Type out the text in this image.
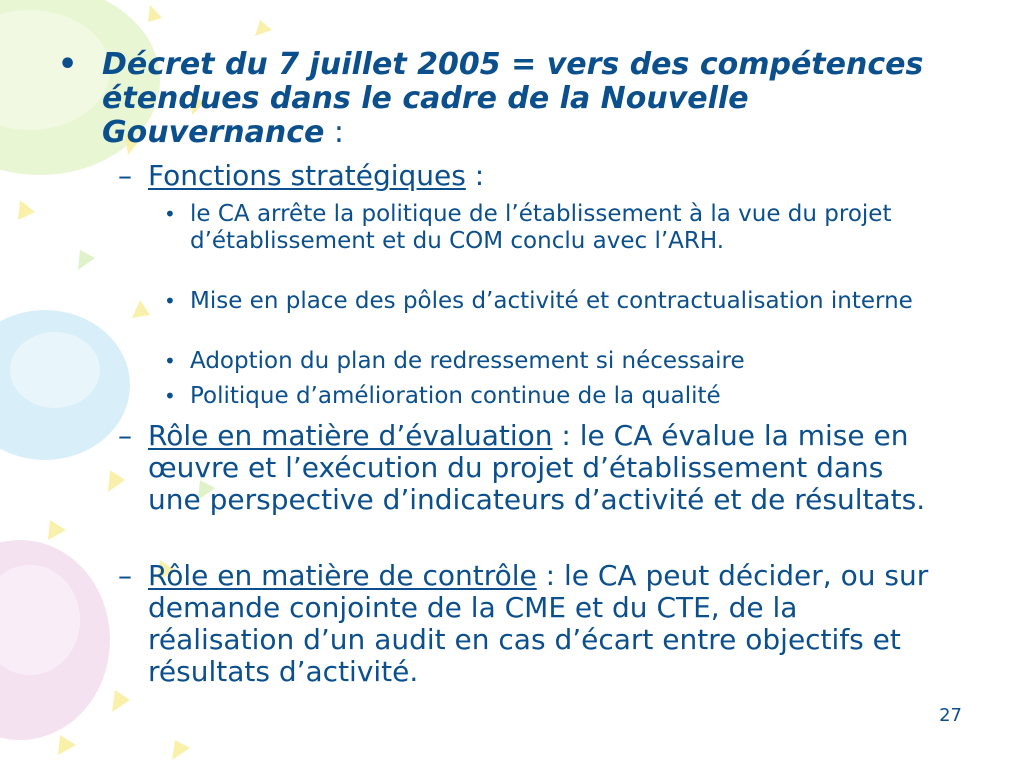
• Décret du 7 juillet 2005 = vers des compétences étendues dans le cadre de la Nouvelle Gouvernance :
– Fonctions stratégiques :
• le CA arrête la politique de l’établissement à la vue du projet d’établissement et du COM conclu avec l’ARH.
• Mise en place des pôles d’activité et contractualisation interne
• Adoption du plan de redressement si nécessaire
• Politique d’amélioration continue de la qualité
– Rôle en matière d’évaluation : le CA évalue la mise en œuvre et l’exécution du projet d’établissement dans une perspective d’indicateurs d’activité et de résultats.
– Rôle en matière de contrôle : le CA peut décider, ou sur demande conjointe de la CME et du CTE, de la réalisation d’un audit en cas d’écart entre objectifs et résultats d’activité.
27
